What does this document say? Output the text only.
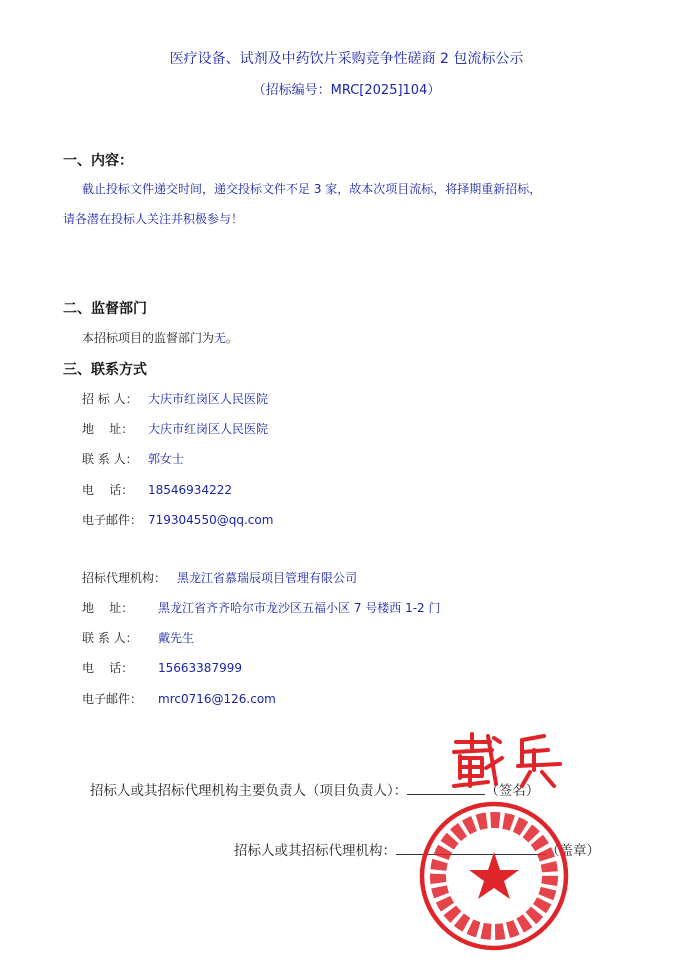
医疗设备、试剂及中药饮片采购竞争性磋商 2 包流标公示
（招标编号：MRC[2025]104）
一、内容：
截止投标文件递交时间，递交投标文件不足 3 家，故本次项目流标，将择期重新招标，
请各潜在投标人关注并积极参与！
二、监督部门
本招标项目的监督部门为无。
三、联系方式
招 标 人： 大庆市红岗区人民医院
地    址： 大庆市红岗区人民医院
联 系 人： 郭女士
电    话： 18546934222
电子邮件： 719304550@qq.com
招标代理机构： 黑龙江省慕瑞辰项目管理有限公司
地    址： 黑龙江省齐齐哈尔市龙沙区五福小区 7 号楼西 1-2 门
联 系 人： 戴先生
电    话： 15663387999
电子邮件： mrc0716@126.com
招标人或其招标代理机构主要负责人（项目负责人）：	（签名）
招标人或其招标代理机构：	（盖章）
